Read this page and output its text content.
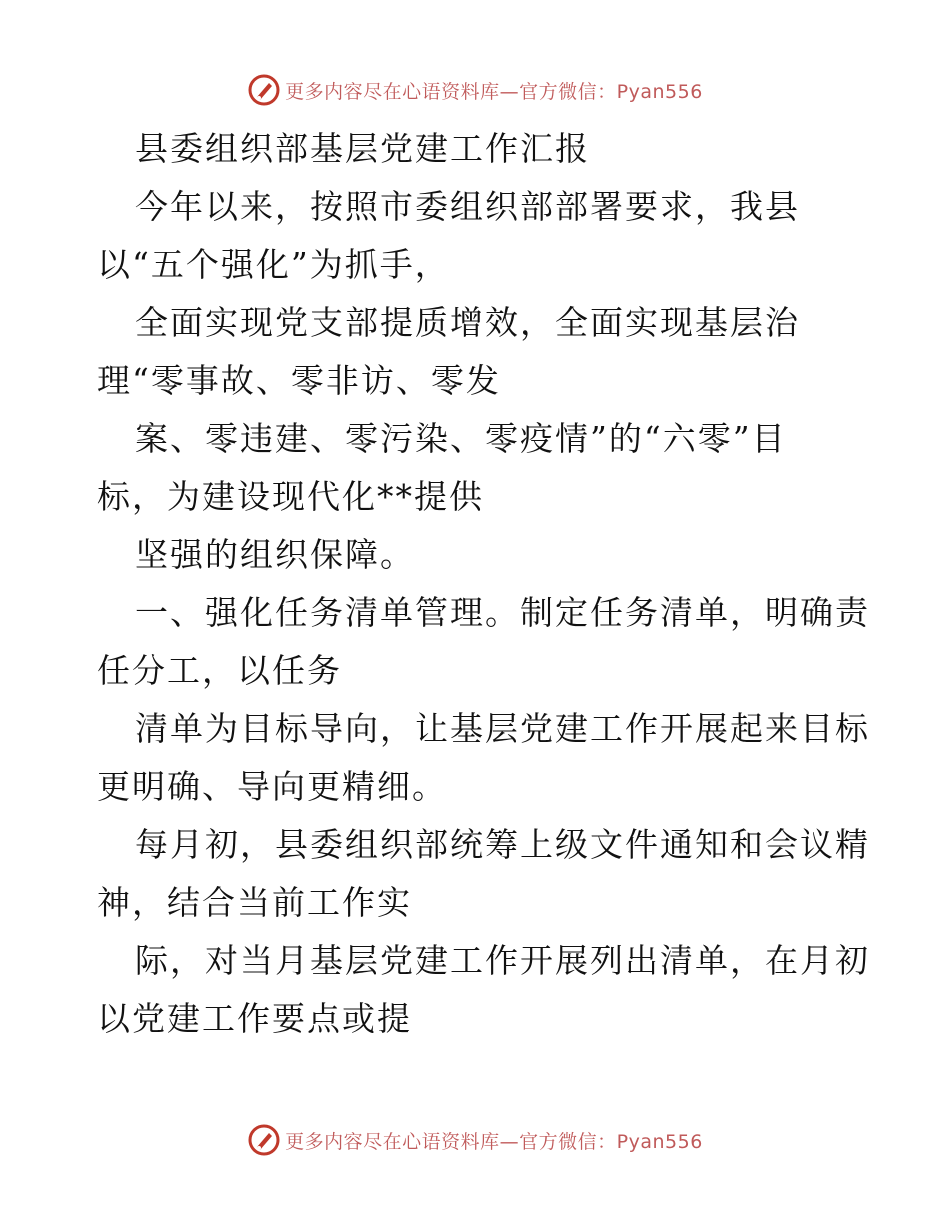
更多内容尽在心语资料库—官方微信：Pyan556
县委组织部基层党建工作汇报
今年以来，按照市委组织部部署要求，我县
以“五个强化”为抓手，
全面实现党支部提质增效，全面实现基层治
理“零事故、零非访、零发
案、零违建、零污染、零疫情”的“六零”目
标，为建设现代化**提供
坚强的组织保障。
一、强化任务清单管理。制定任务清单，明确责
任分工，以任务
清单为目标导向，让基层党建工作开展起来目标
更明确、导向更精细。
每月初，县委组织部统筹上级文件通知和会议精
神，结合当前工作实
际，对当月基层党建工作开展列出清单，在月初
以党建工作要点或提
更多内容尽在心语资料库—官方微信：Pyan556
